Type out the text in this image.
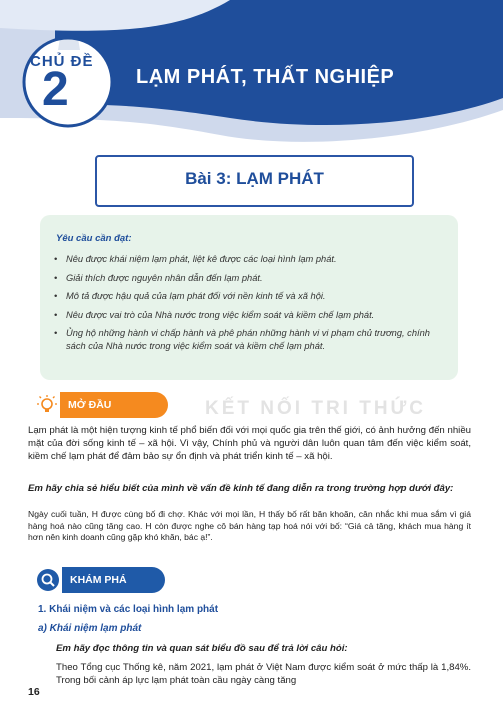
CHỦ ĐỀ
2	LẠM PHÁT, THẤT NGHIỆP
Bài 3: LẠM PHÁT
Yêu cầu cần đạt:
• Nêu được khái niệm lạm phát, liệt kê được các loại hình lạm phát.
• Giải thích được nguyên nhân dẫn đến lạm phát.
• Mô tả được hậu quả của lạm phát đối với nền kinh tế và xã hội.
• Nêu được vai trò của Nhà nước trong việc kiểm soát và kiềm chế lạm phát.
• Ủng hộ những hành vi chấp hành và phê phán những hành vi vi phạm chủ trương, chính sách của Nhà nước trong việc kiểm soát và kiềm chế lạm phát.
KẾT NỐI TRI THỨC
MỞ ĐẦU
Lạm phát là một hiện tượng kinh tế phổ biến đối với mọi quốc gia trên thế giới, có ảnh hưởng đến nhiều mặt của đời sống kinh tế – xã hội. Vì vậy, Chính phủ và người dân luôn quan tâm đến việc kiểm soát, kiềm chế lạm phát để đảm bảo sự ổn định và phát triển kinh tế – xã hội.
Em hãy chia sẻ hiểu biết của mình về vấn đề kinh tế đang diễn ra trong trường hợp dưới đây:
Ngày cuối tuần, H được cùng bố đi chợ. Khác với mọi lần, H thấy bố rất băn khoăn, cân nhắc khi mua sắm vì giá hàng hoá nào cũng tăng cao. H còn được nghe cô bán hàng tạp hoá nói với bố: “Giá cả tăng, khách mua hàng ít hơn nên kinh doanh cũng gặp khó khăn, bác ạ!”.
KHÁM PHÁ
1. Khái niệm và các loại hình lạm phát
a) Khái niệm lạm phát
Em hãy đọc thông tin và quan sát biểu đồ sau để trả lời câu hỏi:
Theo Tổng cục Thống kê, năm 2021, lạm phát ở Việt Nam được kiểm soát ở mức thấp là 1,84%. Trong bối cảnh áp lực lạm phát toàn cầu ngày càng tăng
16
